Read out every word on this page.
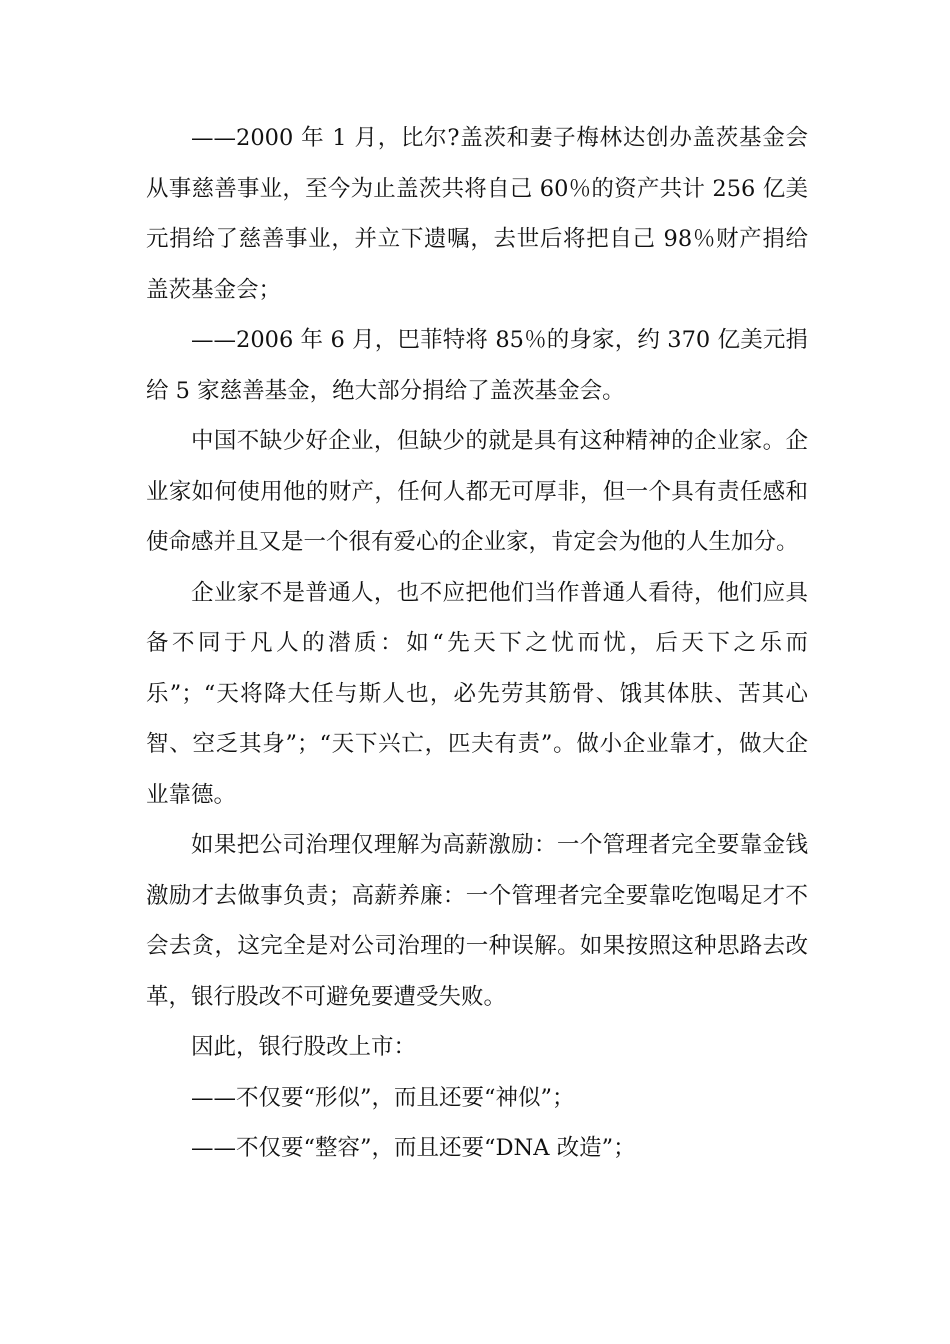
——2000 年 1 月，比尔?盖茨和妻子梅林达创办盖茨基金会从事慈善事业，至今为止盖茨共将自己 60％的资产共计 256 亿美元捐给了慈善事业，并立下遗嘱，去世后将把自己 98％财产捐给盖茨基金会；

——2006 年 6 月，巴菲特将 85％的身家，约 370 亿美元捐给 5 家慈善基金，绝大部分捐给了盖茨基金会。

中国不缺少好企业，但缺少的就是具有这种精神的企业家。企业家如何使用他的财产，任何人都无可厚非，但一个具有责任感和使命感并且又是一个很有爱心的企业家，肯定会为他的人生加分。

企业家不是普通人，也不应把他们当作普通人看待，他们应具备不同于凡人的潜质：如“先天下之忧而忧，后天下之乐而乐”；“天将降大任与斯人也，必先劳其筋骨、饿其体肤、苦其心智、空乏其身”；“天下兴亡，匹夫有责”。做小企业靠才，做大企业靠德。

如果把公司治理仅理解为高薪激励：一个管理者完全要靠金钱激励才去做事负责；高薪养廉：一个管理者完全要靠吃饱喝足才不会去贪，这完全是对公司治理的一种误解。如果按照这种思路去改革，银行股改不可避免要遭受失败。

因此，银行股改上市：

——不仅要“形似”，而且还要“神似”；

——不仅要“整容”，而且还要“DNA 改造”；
